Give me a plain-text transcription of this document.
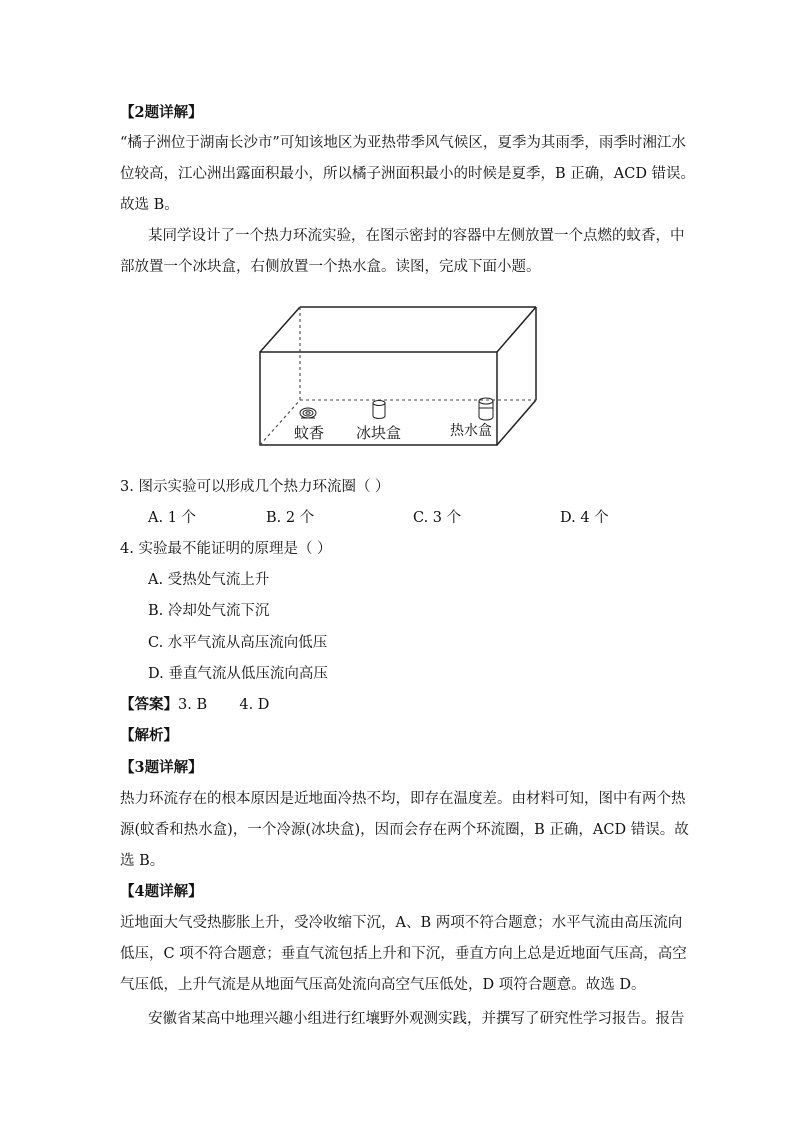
【2题详解】
“橘子洲位于湖南长沙市”可知该地区为亚热带季风气候区，夏季为其雨季，雨季时湘江水
位较高，江心洲出露面积最小，所以橘子洲面积最小的时候是夏季，B 正确，ACD 错误。
故选 B。
某同学设计了一个热力环流实验，在图示密封的容器中左侧放置一个点燃的蚊香，中
部放置一个冰块盒，右侧放置一个热水盒。读图，完成下面小题。
蚊香 冰块盒	热水盒
3. 图示实验可以形成几个热力环流圈（ ）
A. 1 个	B. 2 个	C. 3 个	D. 4 个
4. 实验最不能证明的原理是（ ）
A. 受热处气流上升
B. 冷却处气流下沉
C. 水平气流从高压流向低压
D. 垂直气流从低压流向高压
【答案】3. B       4. D
【解析】
【3题详解】
热力环流存在的根本原因是近地面冷热不均，即存在温度差。由材料可知，图中有两个热
源(蚊香和热水盒)，一个冷源(冰块盒)，因而会存在两个环流圈，B 正确，ACD 错误。故
选 B。
【4题详解】
近地面大气受热膨胀上升，受冷收缩下沉，A、B 两项不符合题意；水平气流由高压流向
低压，C 项不符合题意；垂直气流包括上升和下沉，垂直方向上总是近地面气压高，高空
气压低，上升气流是从地面气压高处流向高空气压低处，D 项符合题意。故选 D。
安徽省某高中地理兴趣小组进行红壤野外观测实践，并撰写了研究性学习报告。报告
